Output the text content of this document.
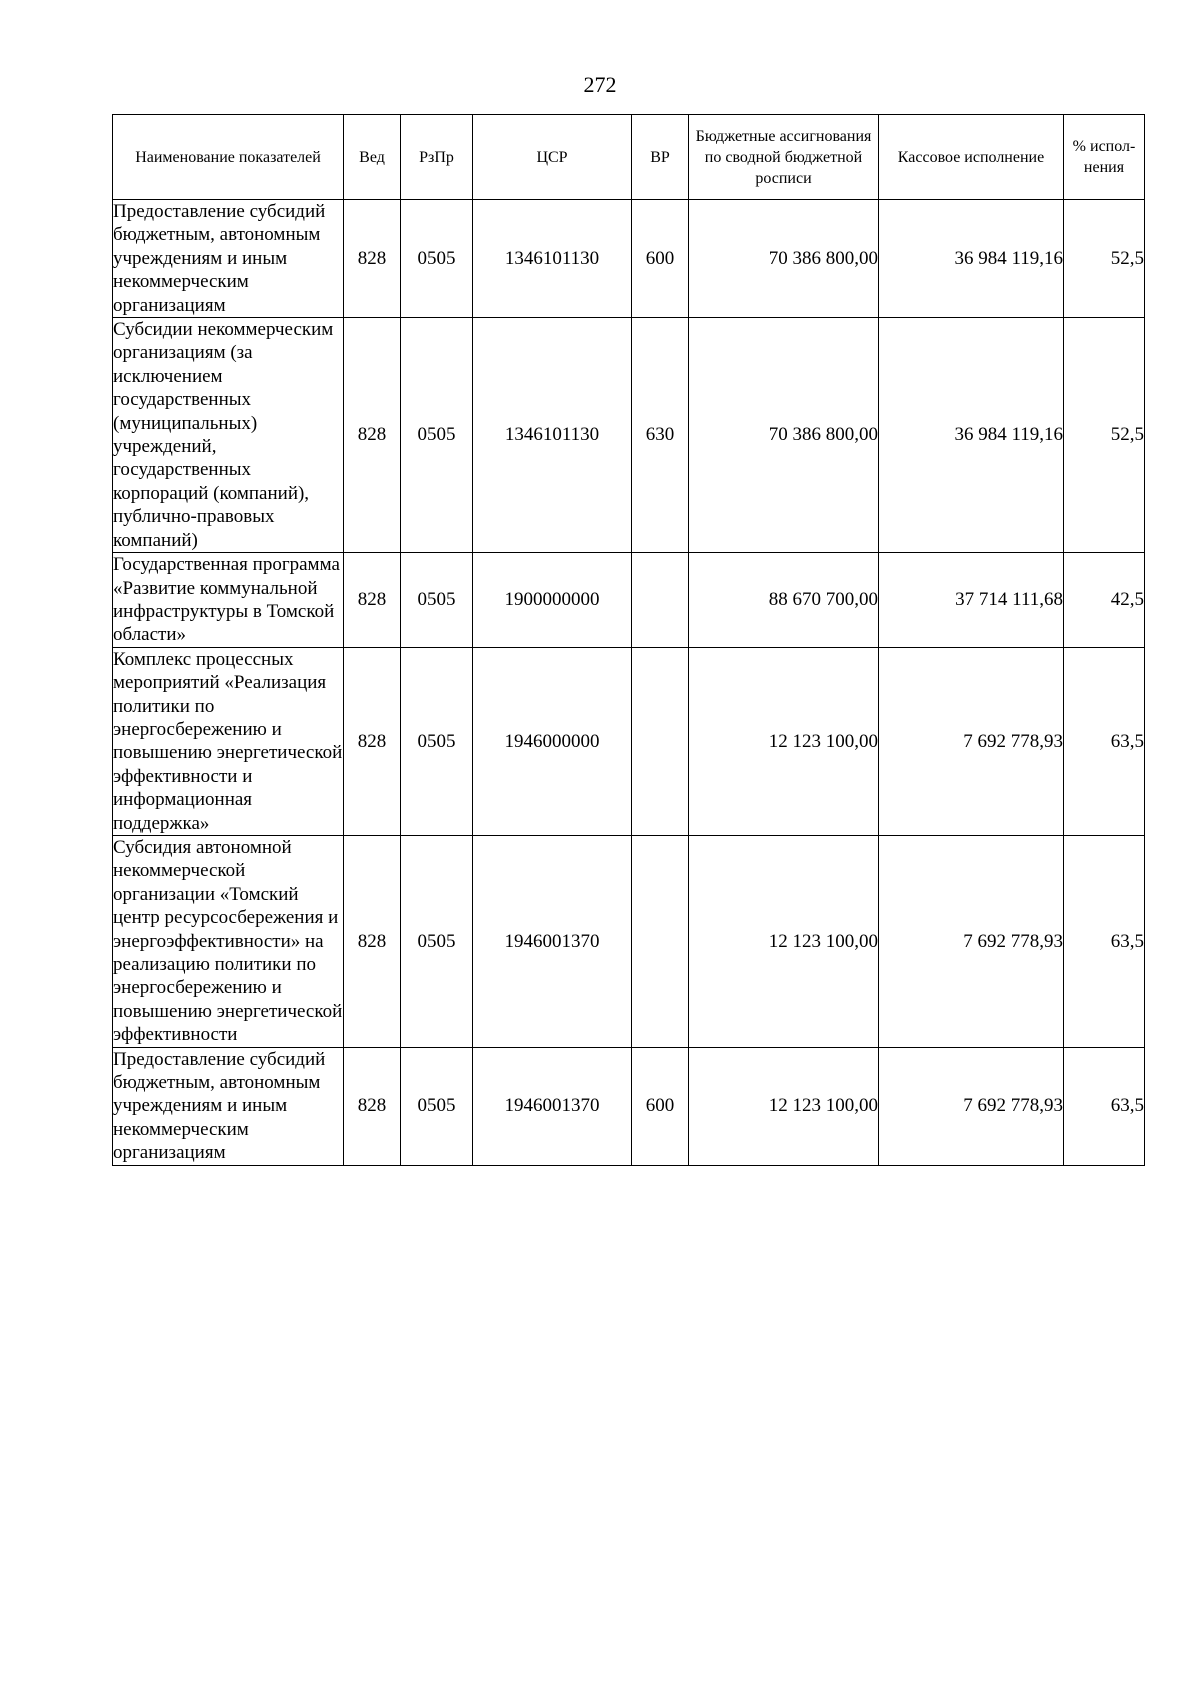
272
Наименование показателей	Вед	РзПр	ЦСР	ВР	Бюджетные ассигнования по сводной бюджетной росписи	Кассовое исполнение	% испол-нения
Предоставление субсидий бюджетным, автономным учреждениям и иным некоммерческим организациям	828	0505	1346101130	600	70 386 800,00	36 984 119,16	52,5
Субсидии некоммерческим организациям (за исключением государственных (муниципальных) учреждений, государственных корпораций (компаний), публично-правовых компаний)	828	0505	1346101130	630	70 386 800,00	36 984 119,16	52,5
Государственная программа «Развитие коммунальной инфраструктуры в Томской области»	828	0505	1900000000		88 670 700,00	37 714 111,68	42,5
Комплекс процессных мероприятий «Реализация политики по энергосбережению и повышению энергетической эффективности и информационная поддержка»	828	0505	1946000000		12 123 100,00	7 692 778,93	63,5
Субсидия автономной некоммерческой организации «Томский центр ресурсосбережения и энергоэффективности» на реализацию политики по энергосбережению и повышению энергетической эффективности	828	0505	1946001370		12 123 100,00	7 692 778,93	63,5
Предоставление субсидий бюджетным, автономным учреждениям и иным некоммерческим организациям	828	0505	1946001370	600	12 123 100,00	7 692 778,93	63,5
